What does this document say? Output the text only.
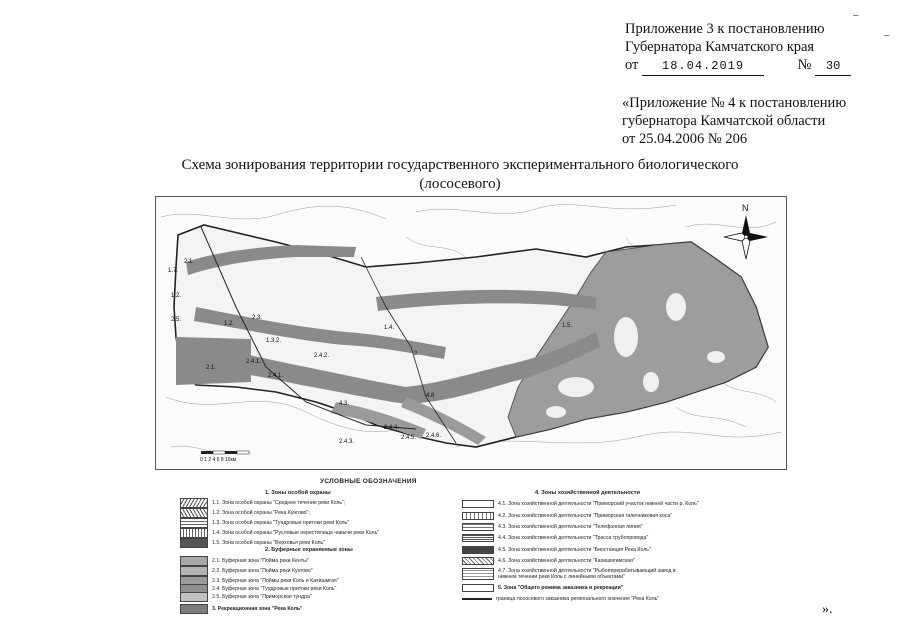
ــ
ــ
Приложение 3 к постановлению
Губернатора Камчатского края
от 18.04.2019	№ 30
«Приложение № 4 к постановлению
губернатора Камчатской области
от 25.04.2006 № 206
Схема зонирования территории государственного экспериментального биологического (лососевого)
2.1.
1.7.
1.2.
2.5.
1.2.
2.3.
1.3.2.
2.4.2.
2.4.1.
2.1.
2.4.1.
1.4.
2.
1.5.
4.8
4.3.
2.4.4.
2.4.5. 2.4.6.
2.4.3.
0 1 2 4 6 8 10км
N
УСЛОВНЫЕ ОБОЗНАЧЕНИЯ
1. Зоны особой охраны
1.1. Зона особой охраны "Среднее течение реки Коль";
1.2. Зона особой охраны "Река Кунгово";
1.3. Зона особой охраны "Тундровые притоки реки Коль"
1.4. Зона особой охраны "Русловые нерестилища чавычи реки Коль"
1.5. Зона особой охраны "Верховья реки Коль"
2. Буферные охраняемые зоны
2.1. Буферная зона "Пойма реки Кенты"
2.2. Буферная зона "Пойма реки Кунгово"
2.3. Буферная зона "Поймы реки Коль и Кахишмгая"
2.4. Буферная зона "Тундровые притоки реки Коль"
2.5. Буферная зона "Приморская тундра"
3. Рекреационная зона "Река Коль"
4. Зоны хозяйственной деятельности
4.1. Зона хозяйственной деятельности "Приморский участок нижней части р. Коль"
4.2. Зона хозяйственной деятельности "Приморская галечниковая коса"
4.3. Зона хозяйственной деятельности "Телефонная линия"
4.4. Зона хозяйственной деятельности "Трасса трубопровода"
4.5. Зона хозяйственной деятельности "Биостанция Река Коль"
4.6. Зона хозяйственной деятельности "Кахишмгимская"
4.7. Зона хозяйственной деятельности "Рыбоперерабатывающий завод в нижнем течении реки Коль с линейными объектами"
5. Зона "Общего режима заказника и рекреации"
граница лососевого заказника регионального значения "Река Коль"
».
